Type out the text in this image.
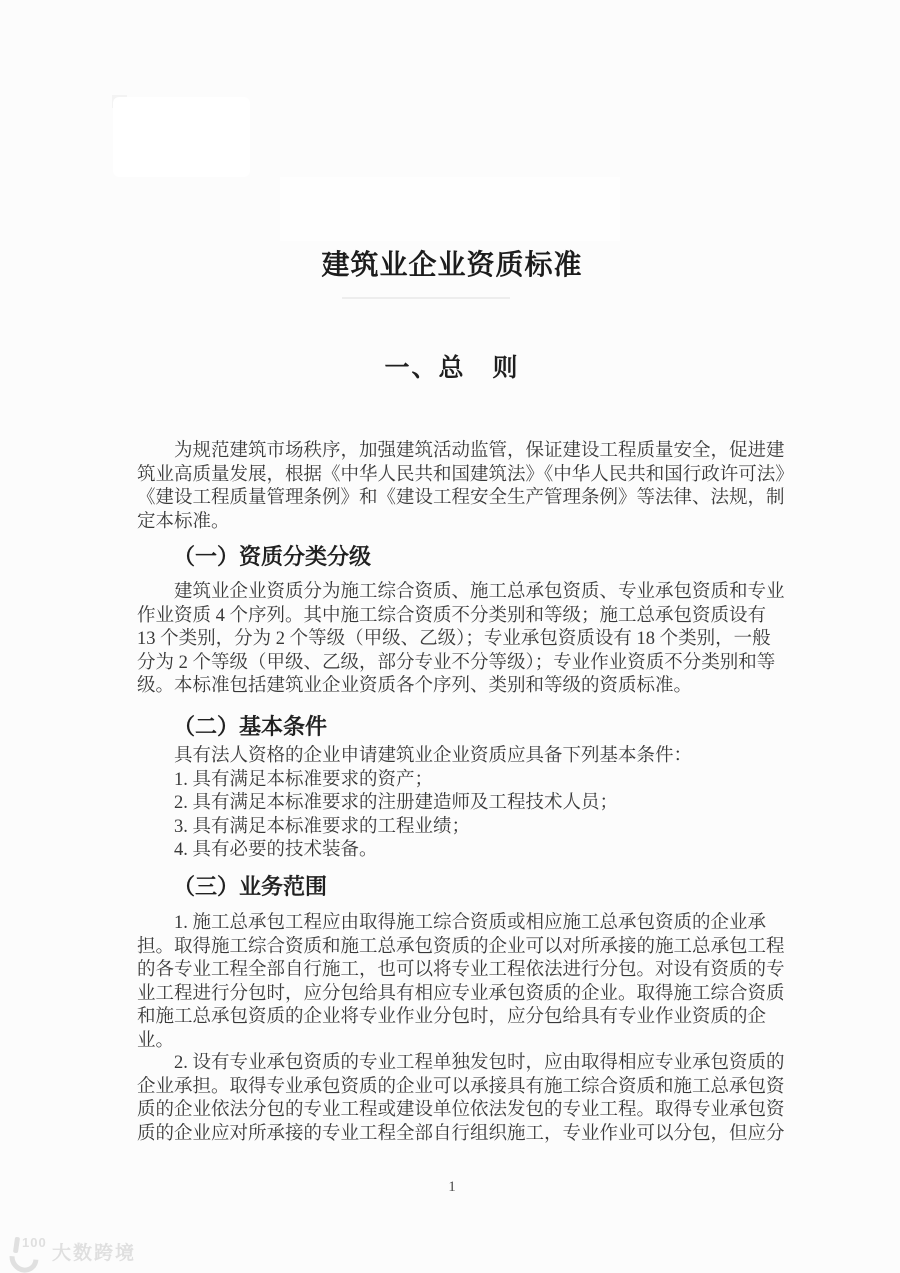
建筑业企业资质标准
一、总　则
　　为规范建筑市场秩序，加强建筑活动监管，保证建设工程质量安全，促进建
筑业高质量发展，根据《中华人民共和国建筑法》《中华人民共和国行政许可法》
《建设工程质量管理条例》和《建设工程安全生产管理条例》等法律、法规，制
定本标准。
（一）资质分类分级
　　建筑业企业资质分为施工综合资质、施工总承包资质、专业承包资质和专业
作业资质 4 个序列。其中施工综合资质不分类别和等级；施工总承包资质设有
13 个类别，分为 2 个等级（甲级、乙级）；专业承包资质设有 18 个类别，一般
分为 2 个等级（甲级、乙级，部分专业不分等级）；专业作业资质不分类别和等
级。本标准包括建筑业企业资质各个序列、类别和等级的资质标准。
（二）基本条件
　　具有法人资格的企业申请建筑业企业资质应具备下列基本条件：
　　1. 具有满足本标准要求的资产；
　　2. 具有满足本标准要求的注册建造师及工程技术人员；
　　3. 具有满足本标准要求的工程业绩；
　　4. 具有必要的技术装备。
（三）业务范围
　　1. 施工总承包工程应由取得施工综合资质或相应施工总承包资质的企业承
担。取得施工综合资质和施工总承包资质的企业可以对所承接的施工总承包工程
的各专业工程全部自行施工，也可以将专业工程依法进行分包。对设有资质的专
业工程进行分包时，应分包给具有相应专业承包资质的企业。取得施工综合资质
和施工总承包资质的企业将专业作业分包时，应分包给具有专业作业资质的企
业。
　　2. 设有专业承包资质的专业工程单独发包时，应由取得相应专业承包资质的
企业承担。取得专业承包资质的企业可以承接具有施工综合资质和施工总承包资
质的企业依法分包的专业工程或建设单位依法发包的专业工程。取得专业承包资
质的企业应对所承接的专业工程全部自行组织施工，专业作业可以分包，但应分
1
100 大数跨境
